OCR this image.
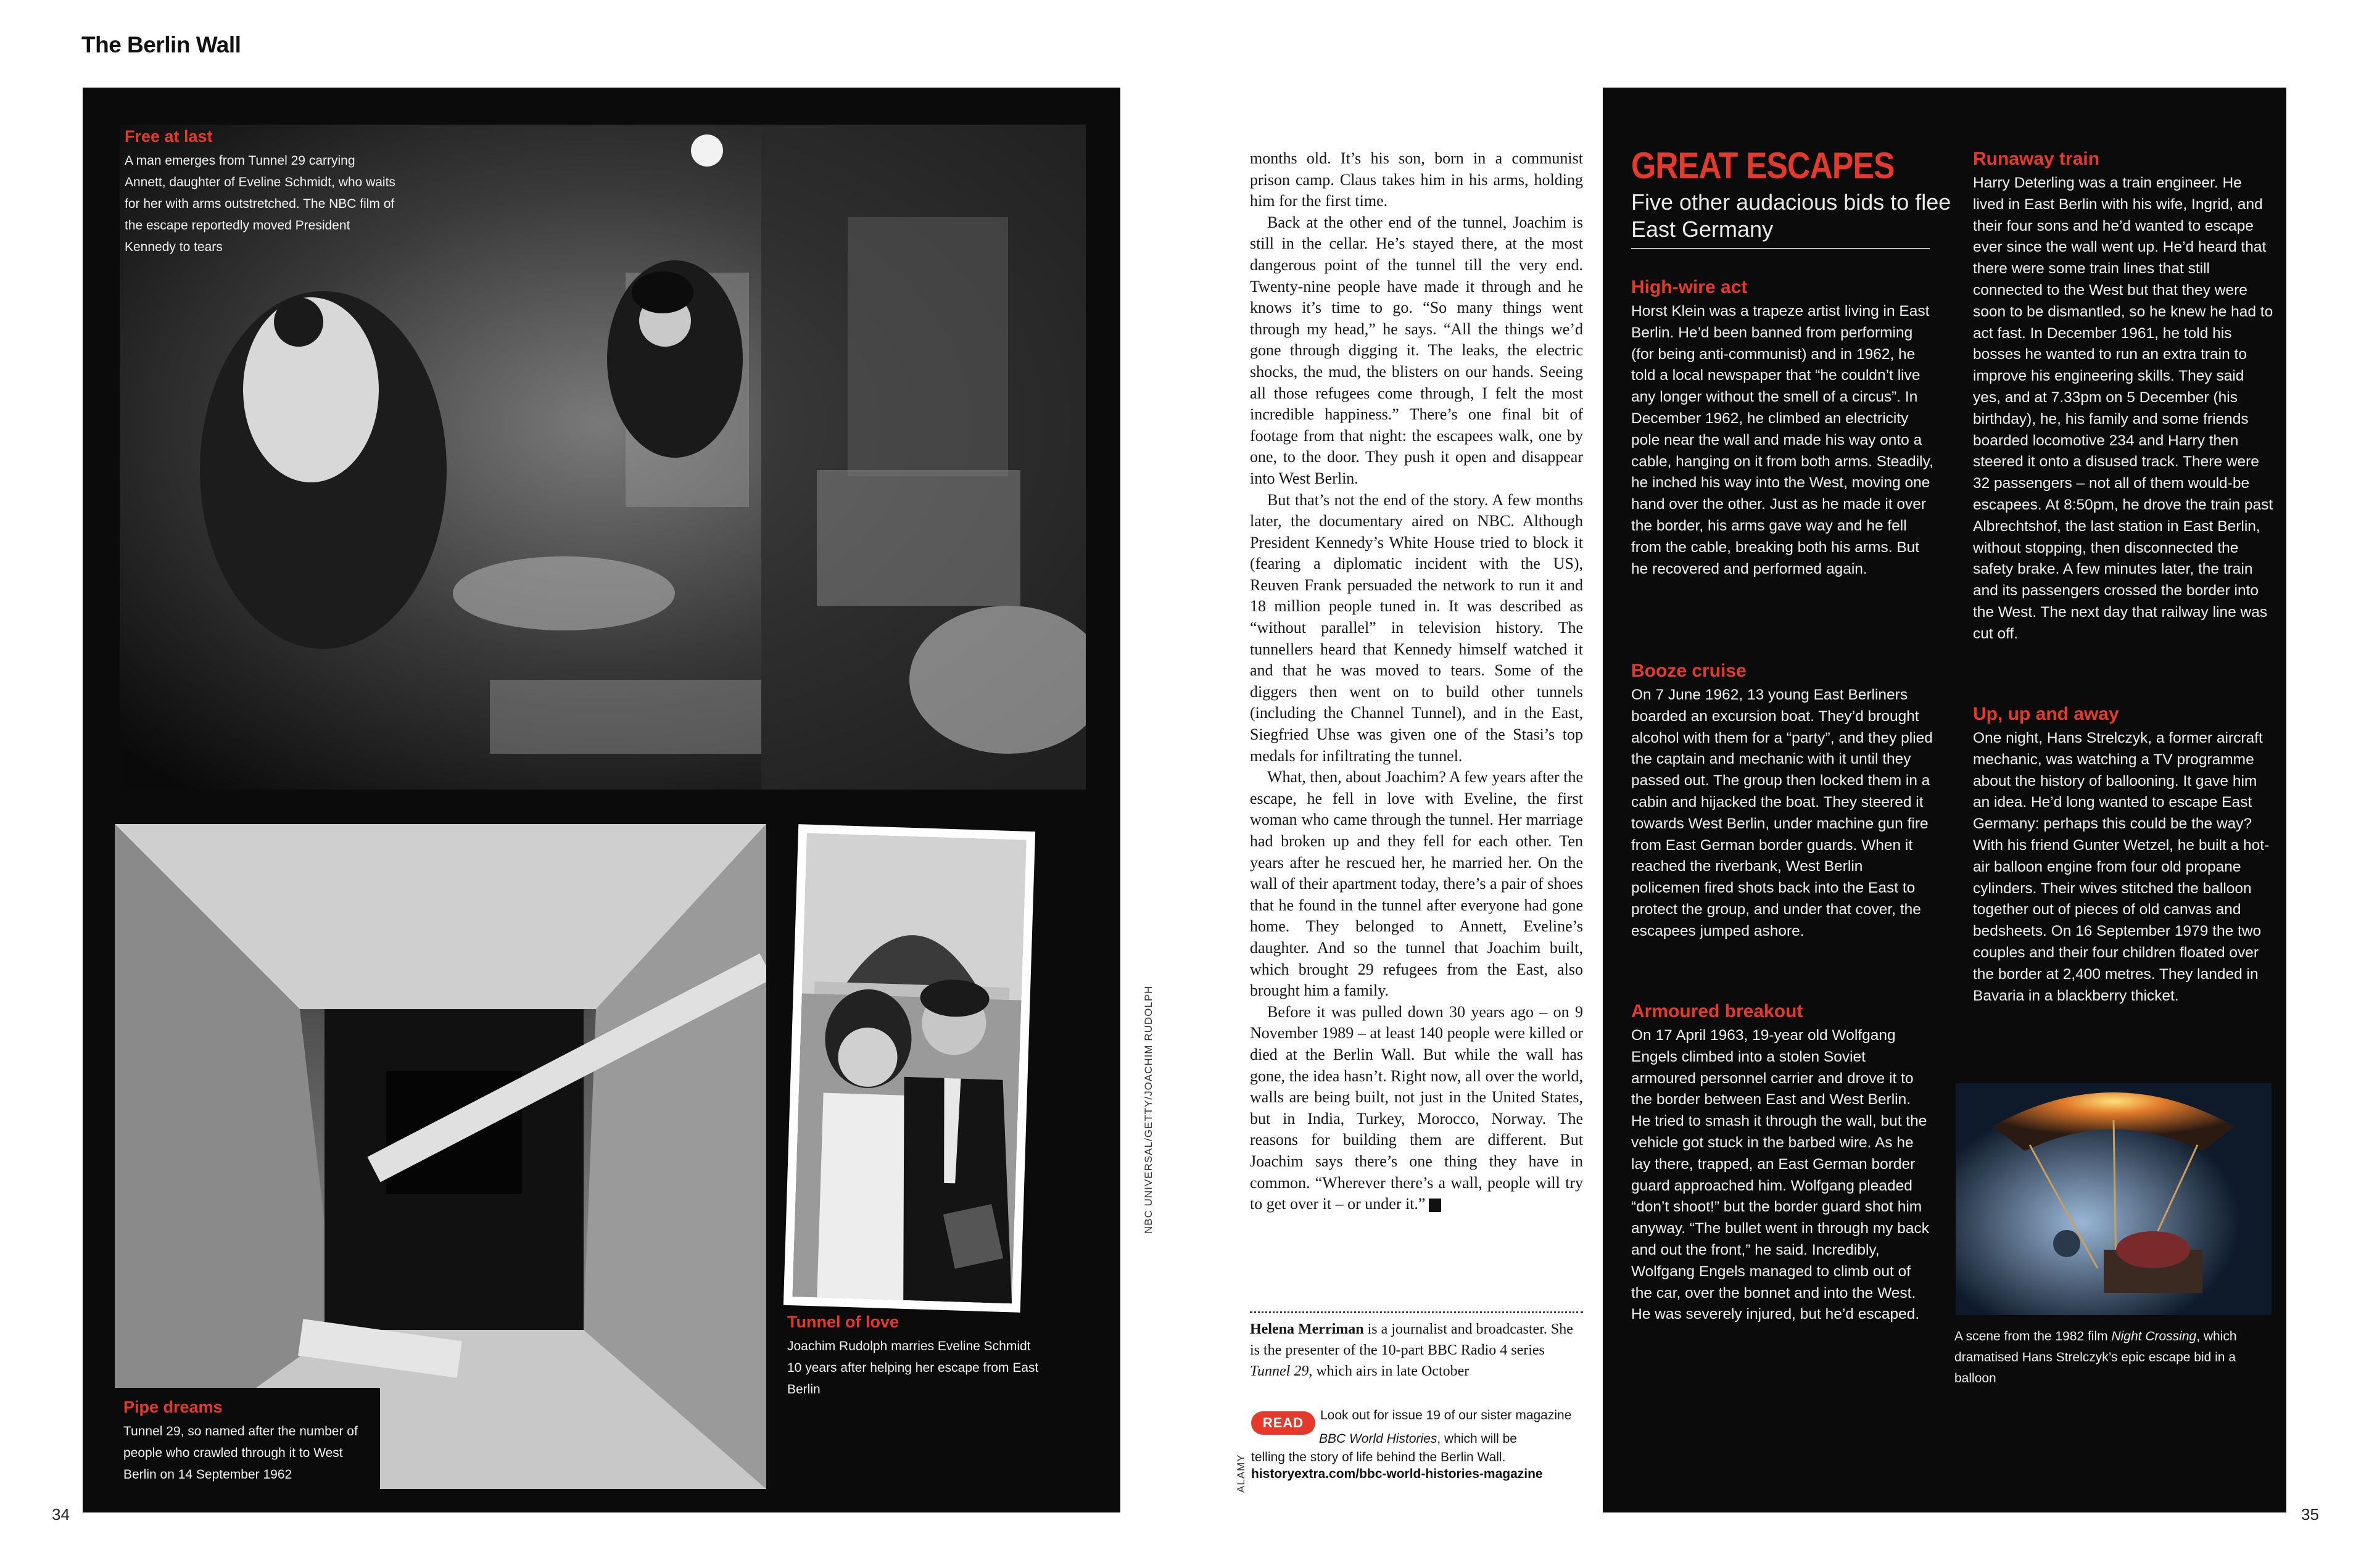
The Berlin Wall
34	35
Free at last
A man emerges from Tunnel 29 carrying Annett, daughter of Eveline Schmidt, who waits for her with arms outstretched. The NBC film of the escape reportedly moved President Kennedy to tears
Pipe dreams
Tunnel 29, so named after the number of people who crawled through it to West Berlin on 14 September 1962
Tunnel of love
Joachim Rudolph marries Eveline Schmidt 10 years after helping her escape from East Berlin
NBC UNIVERSAL/GETTY/JOACHIM RUDOLPH
ALAMY

months old. It’s his son, born in a communist prison camp. Claus takes him in his arms, holding him for the first time.

Back at the other end of the tunnel, Joachim is still in the cellar. He’s stayed there, at the most dangerous point of the tunnel till the very end. Twenty-nine people have made it through and he knows it’s time to go. “So many things went through my head,” he says. “All the things we’d gone through digging it. The leaks, the electric shocks, the mud, the blisters on our hands. Seeing all those refugees come through, I felt the most incredible happiness.” There’s one final bit of footage from that night: the escapees walk, one by one, to the door. They push it open and disappear into West Berlin.

But that’s not the end of the story. A few months later, the documentary aired on NBC. Although President Kennedy’s White House tried to block it (fearing a diplomatic incident with the US), Reuven Frank persuaded the network to run it and 18 million people tuned in. It was described as “without parallel” in television history. The tunnellers heard that Kennedy himself watched it and that he was moved to tears. Some of the diggers then went on to build other tunnels (including the Channel Tunnel), and in the East, Siegfried Uhse was given one of the Stasi’s top medals for infiltrating the tunnel.

What, then, about Joachim? A few years after the escape, he fell in love with Eveline, the first woman who came through the tunnel. Her marriage had broken up and they fell for each other. Ten years after he rescued her, he married her. On the wall of their apartment today, there’s a pair of shoes that he found in the tunnel after everyone had gone home. They belonged to Annett, Eveline’s daughter. And so the tunnel that Joachim built, which brought 29 refugees from the East, also brought him a family.

Before it was pulled down 30 years ago – on 9 November 1989 – at least 140 people were killed or died at the Berlin Wall. But while the wall has gone, the idea hasn’t. Right now, all over the world, walls are being built, not just in the United States, but in India, Turkey, Morocco, Norway. The reasons for building them are different. But Joachim says there’s one thing they have in common. “Wherever there’s a wall, people will try to get over it – or under it.” H

Helena Merriman is a journalist and broadcaster. She is the presenter of the 10-part BBC Radio 4 series Tunnel 29, which airs in late October
READ	Look out for issue 19 of our sister magazine
BBC World Histories, which will be
telling the story of life behind the Berlin Wall.
historyextra.com/bbc-world-histories-magazine
GREAT ESCAPES
Five other audacious bids to flee East Germany
High-wire act

Horst Klein was a trapeze artist living in East Berlin. He’d been banned from performing (for being anti-communist) and in 1962, he told a local newspaper that “he couldn’t live any longer without the smell of a circus”. In December 1962, he climbed an electricity pole near the wall and made his way onto a cable, hanging on it from both arms. Steadily, he inched his way into the West, moving one hand over the other. Just as he made it over the border, his arms gave way and he fell from the cable, breaking both his arms. But he recovered and performed again.

Booze cruise

On 7 June 1962, 13 young East Berliners boarded an excursion boat. They’d brought alcohol with them for a “party”, and they plied the captain and mechanic with it until they passed out. The group then locked them in a cabin and hijacked the boat. They steered it towards West Berlin, under machine gun fire from East German border guards. When it reached the riverbank, West Berlin policemen fired shots back into the East to protect the group, and under that cover, the escapees jumped ashore.

Armoured breakout

On 17 April 1963, 19-year old Wolfgang Engels climbed into a stolen Soviet armoured personnel carrier and drove it to the border between East and West Berlin. He tried to smash it through the wall, but the vehicle got stuck in the barbed wire. As he lay there, trapped, an East German border guard approached him. Wolfgang pleaded “don’t shoot!” but the border guard shot him anyway. “The bullet went in through my back and out the front,” he said. Incredibly, Wolfgang Engels managed to climb out of the car, over the bonnet and into the West. He was severely injured, but he’d escaped.

Runaway train

Harry Deterling was a train engineer. He lived in East Berlin with his wife, Ingrid, and their four sons and he’d wanted to escape ever since the wall went up. He’d heard that there were some train lines that still connected to the West but that they were soon to be dismantled, so he knew he had to act fast. In December 1961, he told his bosses he wanted to run an extra train to improve his engineering skills. They said yes, and at 7.33pm on 5 December (his birthday), he, his family and some friends boarded locomotive 234 and Harry then steered it onto a disused track. There were 32 passengers – not all of them would-be escapees. At 8:50pm, he drove the train past Albrechtshof, the last station in East Berlin, without stopping, then disconnected the safety brake. A few minutes later, the train and its passengers crossed the border into the West. The next day that railway line was cut off.

Up, up and away

One night, Hans Strelczyk, a former aircraft mechanic, was watching a TV programme about the history of ballooning. It gave him an idea. He’d long wanted to escape East Germany: perhaps this could be the way? With his friend Gunter Wetzel, he built a hot-air balloon engine from four old propane cylinders. Their wives stitched the balloon together out of pieces of old canvas and bedsheets. On 16 September 1979 the two couples and their four children floated over the border at 2,400 metres. They landed in Bavaria in a blackberry thicket.

A scene from the 1982 film Night Crossing, which dramatised Hans Strelczyk’s epic escape bid in a balloon
